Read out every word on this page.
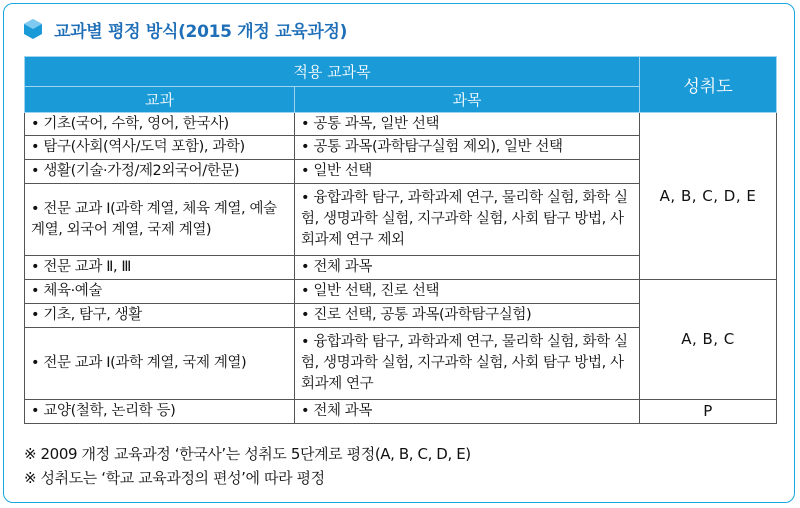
교과별 평정 방식(2015 개정 교육과정)
적용 교과목		성취도
교과	과목	
• 기초(국어, 수학, 영어, 한국사)	• 공통 과목, 일반 선택	A, B, C, D, E
• 탐구(사회(역사/도덕 포함), 과학)	• 공통 과목(과학탐구실험 제외), 일반 선택	
• 생활(기술·가정/제2외국어/한문)	• 일반 선택	
• 전문 교과 Ⅰ(과학 계열, 체육 계열, 예술 계열, 외국어 계열, 국제 계열)	• 융합과학 탐구, 과학과제 연구, 물리학 실험, 화학 실험, 생명과학 실험, 지구과학 실험, 사회 탐구 방법, 사회과제 연구 제외	
• 전문 교과 Ⅱ, Ⅲ	• 전체 과목	
• 체육·예술	• 일반 선택, 진로 선택	A, B, C
• 기초, 탐구, 생활	• 진로 선택, 공통 과목(과학탐구실험)	
• 전문 교과 Ⅰ(과학 계열, 국제 계열)	• 융합과학 탐구, 과학과제 연구, 물리학 실험, 화학 실험, 생명과학 실험, 지구과학 실험, 사회 탐구 방법, 사회과제 연구	
• 교양(철학, 논리학 등)	• 전체 과목	P
※ 2009 개정 교육과정 ‘한국사’는 성취도 5단계로 평정(A, B, C, D, E)
※ 성취도는 ‘학교 교육과정의 편성’에 따라 평정
